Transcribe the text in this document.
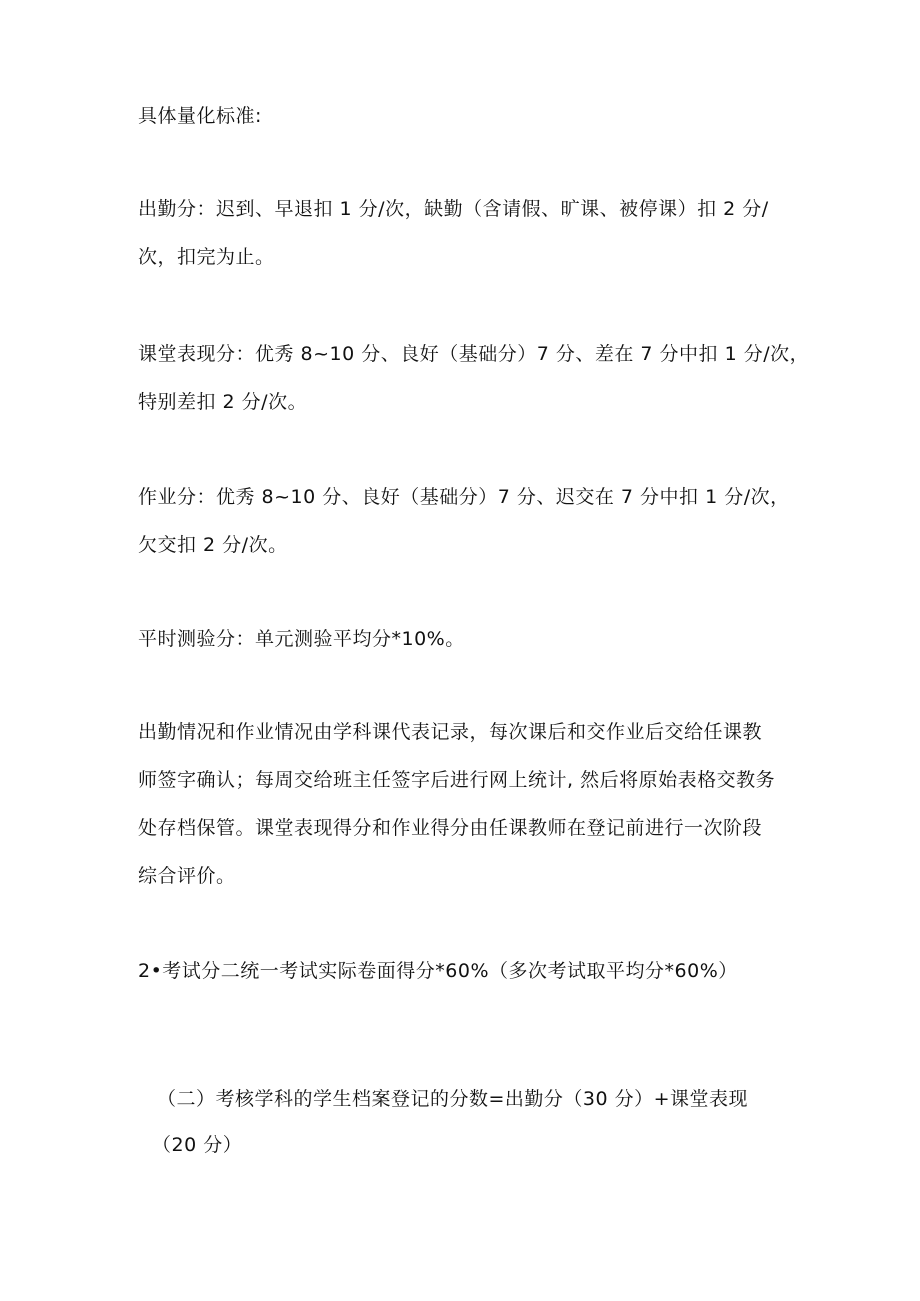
具体量化标准:
出勤分：迟到、早退扣 1 分/次，缺勤（含请假、旷课、被停课）扣 2 分/
次，扣完为止。
课堂表现分：优秀 8~10 分、良好（基础分）7 分、差在 7 分中扣 1 分/次，
特别差扣 2 分/次。
作业分：优秀 8~10 分、良好（基础分）7 分、迟交在 7 分中扣 1 分/次，
欠交扣 2 分/次。
平时测验分：单元测验平均分*10%。
出勤情况和作业情况由学科课代表记录，每次课后和交作业后交给任课教
师签字确认；每周交给班主任签字后进行网上统计, 然后将原始表格交教务
处存档保管。课堂表现得分和作业得分由任课教师在登记前进行一次阶段
综合评价。
2•考试分二统一考试实际卷面得分*60%（多次考试取平均分*60%）
（二）考核学科的学生档案登记的分数=出勤分（30 分）+课堂表现
（20 分）
